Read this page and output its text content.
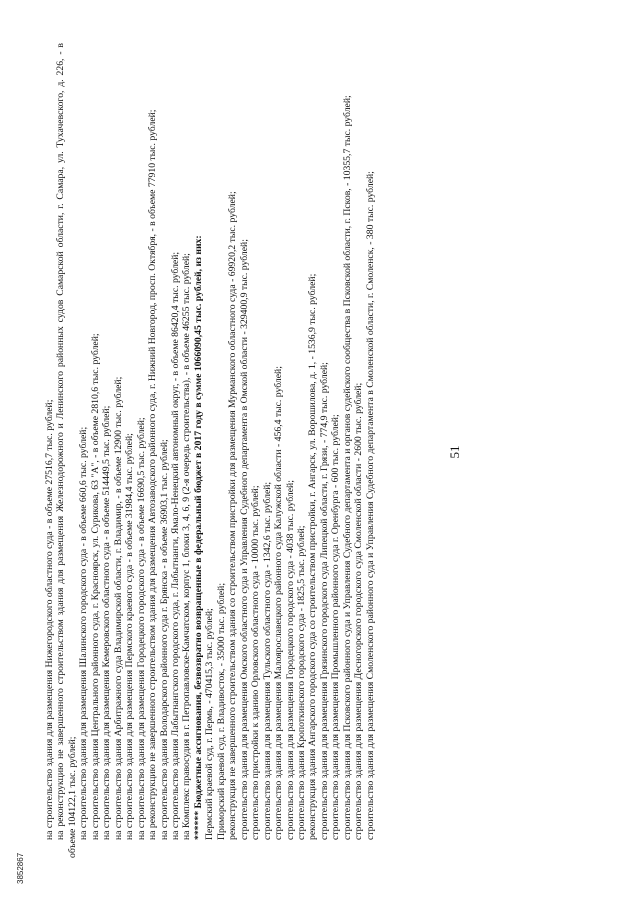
51

на строительство здания для размещения Нижегородского областного суда - в объеме 27516,7 тыс. рублей; на реконструкцию не завершенного строительством здания для размещения Железнодорожного и Ленинского районных судов Самарской области, г. Самара, ул. Тухачевского, д. 226, - в объеме 104122,1 тыс. рублей; на строительство здания для размещения Шалинского городского суда - в объеме 660,6 тыс. рублей; на строительство здания Центрального районного суда, г. Красноярск, ул. Сурикова, 63 "А", - в объеме 2810,6 тыс. рублей; на строительство здания для размещения Кемеровского областного суда - в объеме 514449,5 тыс. рублей; на строительство здания Арбитражного суда Владимирской области, г. Владимир, - в объеме 12900 тыс. рублей; на строительство здания для размещения Пермского краевого суда - в объеме 31984,4 тыс. рублей; на строительство здания для размещения Городецкого городского суда - в объеме 16690,5 тыс. рублей; на реконструкцию не завершенного строительством здания для размещения Автозаводского районного суда, г. Нижний Новгород, просп. Октября, - в объеме 77910 тыс. рублей; на строительство здания Володарского районного суда г. Брянска - в объеме 36903,1 тыс. рублей; на строительство здания Лабытнангского городского суда, г. Лабытнанги, Ямало-Ненецкий автономный округ, - в объеме 86420,4 тыс. рублей; на Комплекс правосудия в г. Петропавловске-Камчатском, корпус 1, блоки 3, 4, 6, 9 (2-я очередь строительства), - в объеме 46255 тыс. рублей; ****** Бюджетные ассигнования, безвозвратно возвращенные в федеральный бюджет в 2017 году в сумме 1066090,45 тыс. рублей, из них: Пермский краевой суд, г. Пермь, - 470415,3 тыс. рублей; Приморский краевой суд, г. Владивосток, - 35000 тыс. рублей; реконструкция не завершенного строительством здания со строительством пристройки для размещения Мурманского областного суда - 69920,2 тыс. рублей; строительство здания для размещения Омского областного суда и Управления Судебного департамента в Омской области - 329400,9 тыс. рублей; строительство пристройки к зданию Орловского областного суда - 10000 тыс. рублей; строительство здания для размещения Тульского областного суда - 1342,6 тыс. рублей; строительство здания для размещения Малоярославецкого районного суда Калужской области - 456,4 тыс. рублей; строительство здания для размещения Городецкого городского суда - 4038 тыс. рублей; строительство здания Кропоткинского городского суда - 1825,5 тыс. рублей; реконструкция здания Ангарского городского суда со строительством пристройки, г. Ангарск, ул. Ворошилова, д. 1, - 1536,9 тыс. рублей; строительство здания для размещения Грязинского городского суда Липецкой области, г. Грязи, - 774,9 тыс. рублей; строительство здания для размещения Промышленного районного суда г. Оренбурга - 600 тыс. рублей; строительство здания для Псковского районного суда и Управления Судебного департамента и органов судейского сообщества в Псковской области, г. Псков, - 10355,7 тыс. рублей; строительство здания для размещения Десногорского городского суда Смоленской области - 2600 тыс. рублей; строительство здания для размещения Смоленского районного суда и Управления Судебного департамента в Смоленской области, г. Смоленск, - 380 тыс. рублей;

3852867
